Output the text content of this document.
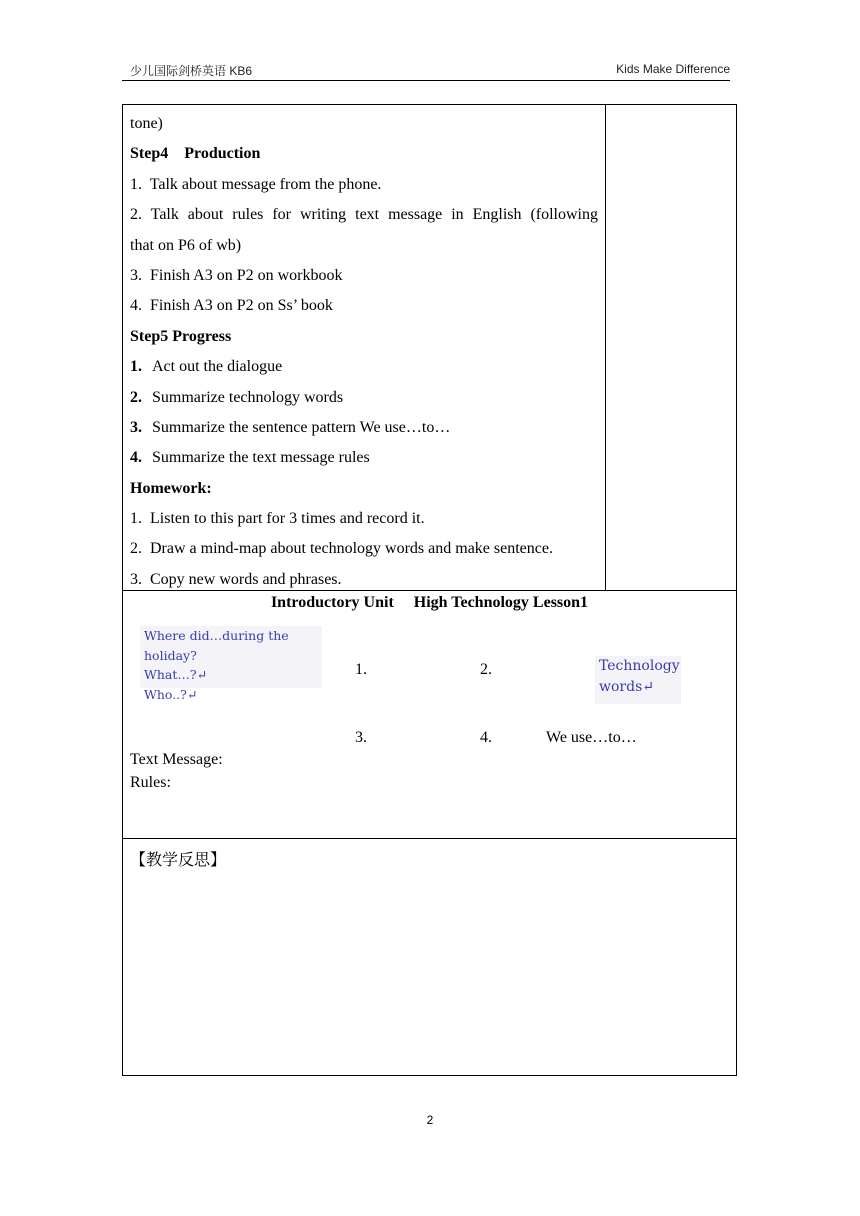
少儿国际剑桥英语 KB6	Kids Make Difference
tone)
Step4    Production
1.  Talk about message from the phone.
2. Talk about rules for writing text message in English (following
that on P6 of wb)
3.  Finish A3 on P2 on workbook
4.  Finish A3 on P2 on Ss’ book
Step5 Progress
1. Act out the dialogue
2. Summarize technology words
3. Summarize the sentence pattern We use…to…
4. Summarize the text message rules
Homework:
1.  Listen to this part for 3 times and record it.
2.  Draw a mind-map about technology words and make sentence.
3.  Copy new words and phrases.
Introductory Unit     High Technology Lesson1
Where did…during the holiday?
What…?↵
Who..?↵
1.	2.	Technology
words↵
3.	4.	We use…to…
Text Message:
Rules:
【教学反思】
2
